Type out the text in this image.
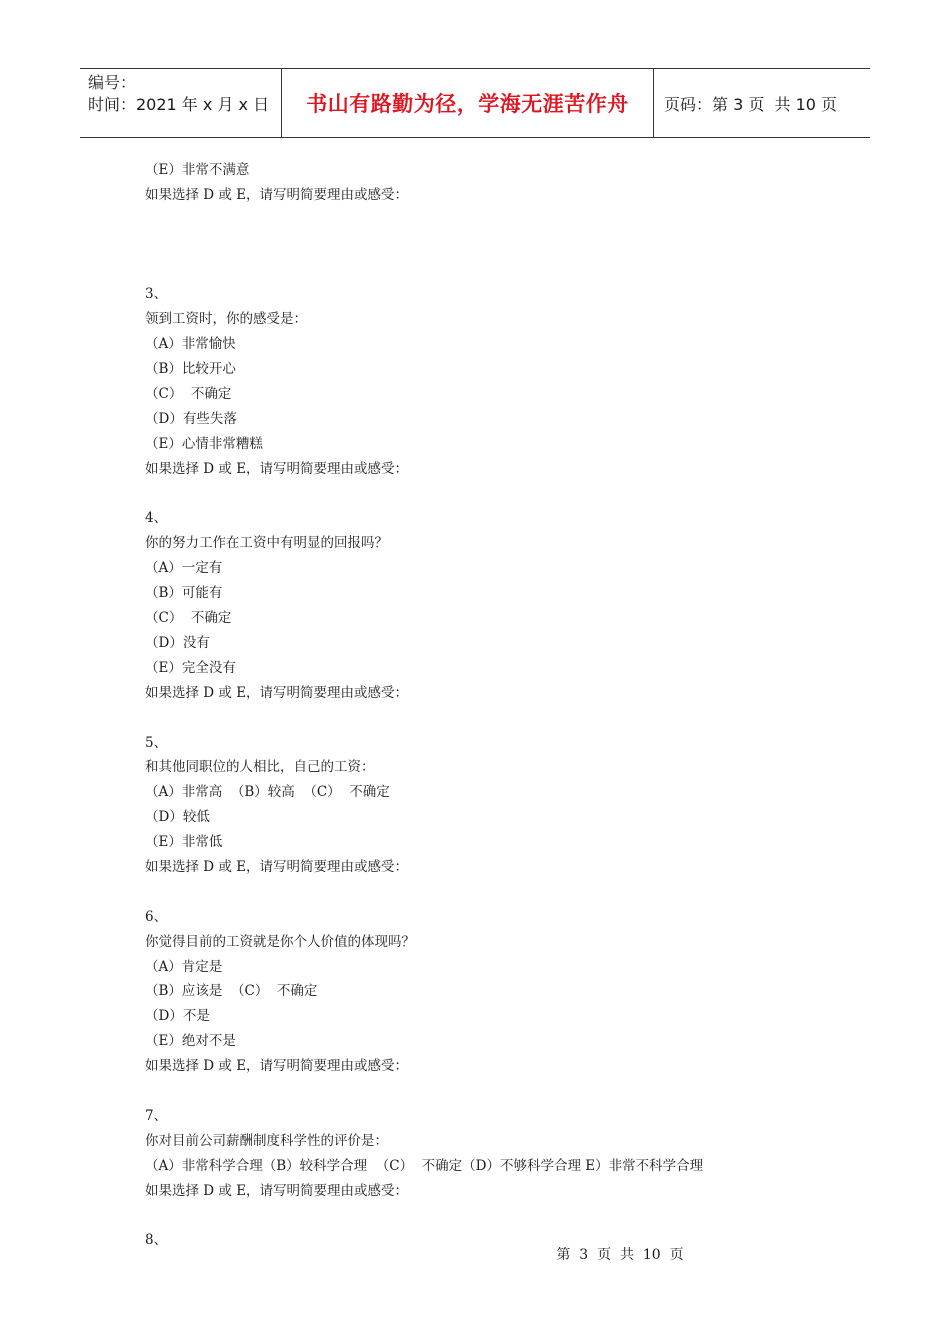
编号：
时间：2021 年 x 月 x 日	书山有路勤为径，学海无涯苦作舟	页码：第 3 页  共 10 页
（E）非常不满意
如果选择 D 或 E，请写明简要理由或感受：
3、
领到工资时，你的感受是：
（A）非常愉快
（B）比较开心
（C）  不确定
（D）有些失落
（E）心情非常糟糕
如果选择 D 或 E，请写明简要理由或感受：
4、
你的努力工作在工资中有明显的回报吗？
（A）一定有
（B）可能有
（C）  不确定
（D）没有
（E）完全没有
如果选择 D 或 E，请写明简要理由或感受：
5、
和其他同职位的人相比，自己的工资：
（A）非常高  （B）较高  （C）  不确定
（D）较低
（E）非常低
如果选择 D 或 E，请写明简要理由或感受：
6、
你觉得目前的工资就是你个人价值的体现吗？
（A）肯定是
（B）应该是  （C）  不确定
（D）不是
（E）绝对不是
如果选择 D 或 E，请写明简要理由或感受：
7、
你对目前公司薪酬制度科学性的评价是：
（A）非常科学合理（B）较科学合理  （C）  不确定（D）不够科学合理 E）非常不科学合理
如果选择 D 或 E，请写明简要理由或感受：
8、
第  3  页  共  10  页
